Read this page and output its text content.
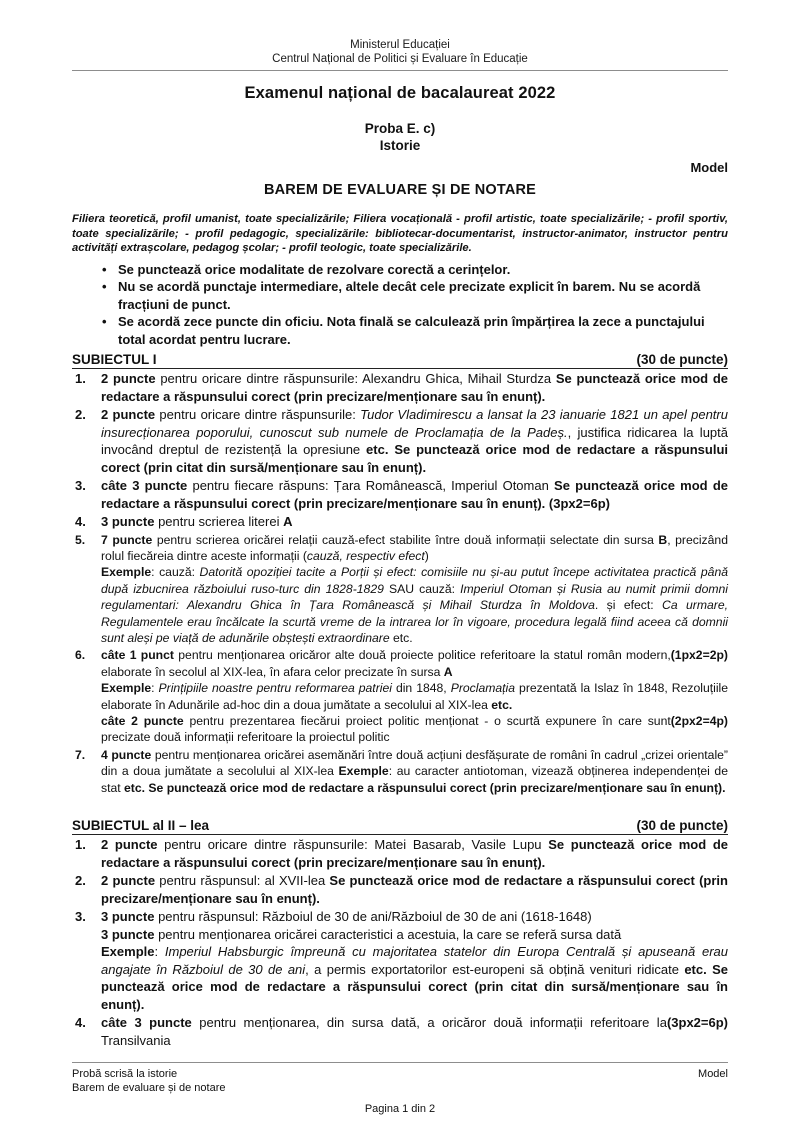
Ministerul Educației
Centrul Național de Politici și Evaluare în Educație
Examenul național de bacalaureat 2022
Proba E. c)
Istorie
Model
BAREM DE EVALUARE ȘI DE NOTARE
Filiera teoretică, profil umanist, toate specializările; Filiera vocațională - profil artistic, toate specializările; - profil sportiv, toate specializările; - profil pedagogic, specializările: bibliotecar-documentarist, instructor-animator, instructor pentru activități extrașcolare, pedagog școlar; - profil teologic, toate specializările.
• Se punctează orice modalitate de rezolvare corectă a cerințelor.
• Nu se acordă punctaje intermediare, altele decât cele precizate explicit în barem. Nu se acordă fracțiuni de punct.
• Se acordă zece puncte din oficiu. Nota finală se calculează prin împărțirea la zece a punctajului total acordat pentru lucrare.
SUBIECTUL I	(30 de puncte)
1. 2 puncte pentru oricare dintre răspunsurile: Alexandru Ghica, Mihail Sturdza Se punctează orice mod de redactare a răspunsului corect (prin precizare/menționare sau în enunț).

2. 2 puncte pentru oricare dintre răspunsurile: Tudor Vladimirescu a lansat la 23 ianuarie 1821 un apel pentru insurecționarea poporului, cunoscut sub numele de Proclamația de la Padeș., justifica ridicarea la luptă invocând dreptul de rezistență la opresiune etc. Se punctează orice mod de redactare a răspunsului corect (prin citat din sursă/menționare sau în enunț).

3. câte 3 puncte pentru fiecare răspuns: Țara Românească, Imperiul Otoman Se punctează orice mod de redactare a răspunsului corect (prin precizare/menționare sau în enunț). (3px2=6p)

4. 3 puncte pentru scrierea literei A

5. 7 puncte pentru scrierea oricărei relații cauză-efect stabilite între două informații selectate din sursa B, precizând rolul fiecăreia dintre aceste informații (cauză, respectiv efect)

Exemple: cauză: Datorită opoziției tacite a Porții și efect: comisiile nu și-au putut începe activitatea practică până după izbucnirea războiului ruso-turc din 1828-1829 SAU cauză: Imperiul Otoman și Rusia au numit primii domni regulamentari: Alexandru Ghica în Țara Românească și Mihail Sturdza în Moldova. și efect: Ca urmare, Regulamentele erau încălcate la scurtă vreme de la intrarea lor în vigoare, procedura legală fiind aceea că domnii sunt aleși pe viață de adunările obștești extraordinare etc.

6.	(1px2=2p)
câte 1 punct pentru menționarea oricăror alte două proiecte politice referitoare la statul român modern, elaborate în secolul al XIX-lea, în afara celor precizate în sursa A

Exemple: Prințipiile noastre pentru reformarea patriei din 1848, Proclamația prezentată la Islaz în 1848, Rezoluțiile elaborate în Adunările ad-hoc din a doua jumătate a secolului al XIX-lea etc.

(2px2=4p)
câte 2 puncte pentru prezentarea fiecărui proiect politic menționat - o scurtă expunere în care sunt precizate două informații referitoare la proiectul politic

7. 4 puncte pentru menționarea oricărei asemănări între două acțiuni desfășurate de români în cadrul „crizei orientale” din a doua jumătate a secolului al XIX-lea Exemple: au caracter antiotoman, vizează obținerea independenței de stat etc. Se punctează orice mod de redactare a răspunsului corect (prin precizare/menționare sau în enunț).

SUBIECTUL al II – lea	(30 de puncte)
1. 2 puncte pentru oricare dintre răspunsurile: Matei Basarab, Vasile Lupu Se punctează orice mod de redactare a răspunsului corect (prin precizare/menționare sau în enunț).

2. 2 puncte pentru răspunsul: al XVII-lea Se punctează orice mod de redactare a răspunsului corect (prin precizare/menționare sau în enunț).

3. 3 puncte pentru răspunsul: Războiul de 30 de ani/Războiul de 30 de ani (1618-1648)

3 puncte pentru menționarea oricărei caracteristici a acestuia, la care se referă sursa dată

Exemple: Imperiul Habsburgic împreună cu majoritatea statelor din Europa Centrală și apuseană erau angajate în Războiul de 30 de ani, a permis exportatorilor est-europeni să obțină venituri ridicate etc. Se punctează orice mod de redactare a răspunsului corect (prin citat din sursă/menționare sau în enunț).

4.	(3px2=6p)
câte 3 puncte pentru menționarea, din sursa dată, a oricăror două informații referitoare la Transilvania

Probă scrisă la istorie
Barem de evaluare și de notare
Model
Pagina 1 din 2
